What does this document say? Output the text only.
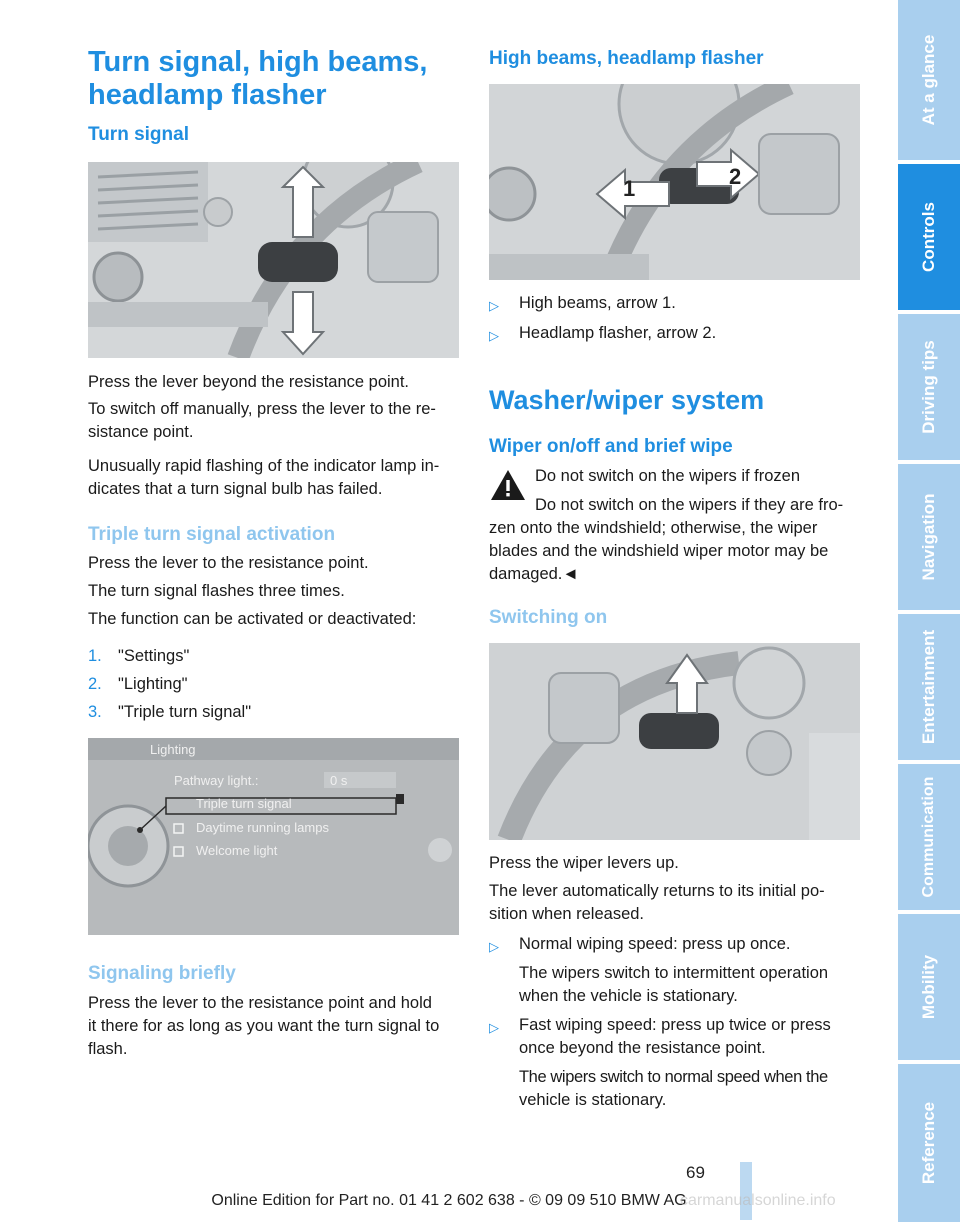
Turn signal, high beams,
headlamp flasher
Turn signal
Press the lever beyond the resistance point.
To switch off manually, press the lever to the re-
sistance point.
Unusually rapid flashing of the indicator lamp in-
dicates that a turn signal bulb has failed.
Triple turn signal activation
Press the lever to the resistance point.
The turn signal flashes three times.
The function can be activated or deactivated:
1. "Settings"
2. "Lighting"
3. "Triple turn signal"
Lighting
Pathway light.:	0 s
Triple turn signal
Daytime running lamps
Welcome light
Signaling briefly
Press the lever to the resistance point and hold
it there for as long as you want the turn signal to
flash.
High beams, headlamp flasher
1	2
▷ High beams, arrow 1.
▷ Headlamp flasher, arrow 2.
Washer/wiper system
Wiper on/off and brief wipe
Do not switch on the wipers if frozen
Do not switch on the wipers if they are fro-
zen onto the windshield; otherwise, the wiper
blades and the windshield wiper motor may be
damaged.◄
Switching on
Press the wiper levers up.
The lever automatically returns to its initial po-
sition when released.
▷	Normal wiping speed: press up once.
The wipers switch to intermittent operation
when the vehicle is stationary.
▷	Fast wiping speed: press up twice or press
once beyond the resistance point.
The wipers switch to normal speed when the
vehicle is stationary.
At a glance
Controls
Driving tips
Navigation
Entertainment
Communication
Mobility
Reference
69
Online Edition for Part no. 01 41 2 602 638 - © 09 09 510 BMW AG
carmanualsonline.info
